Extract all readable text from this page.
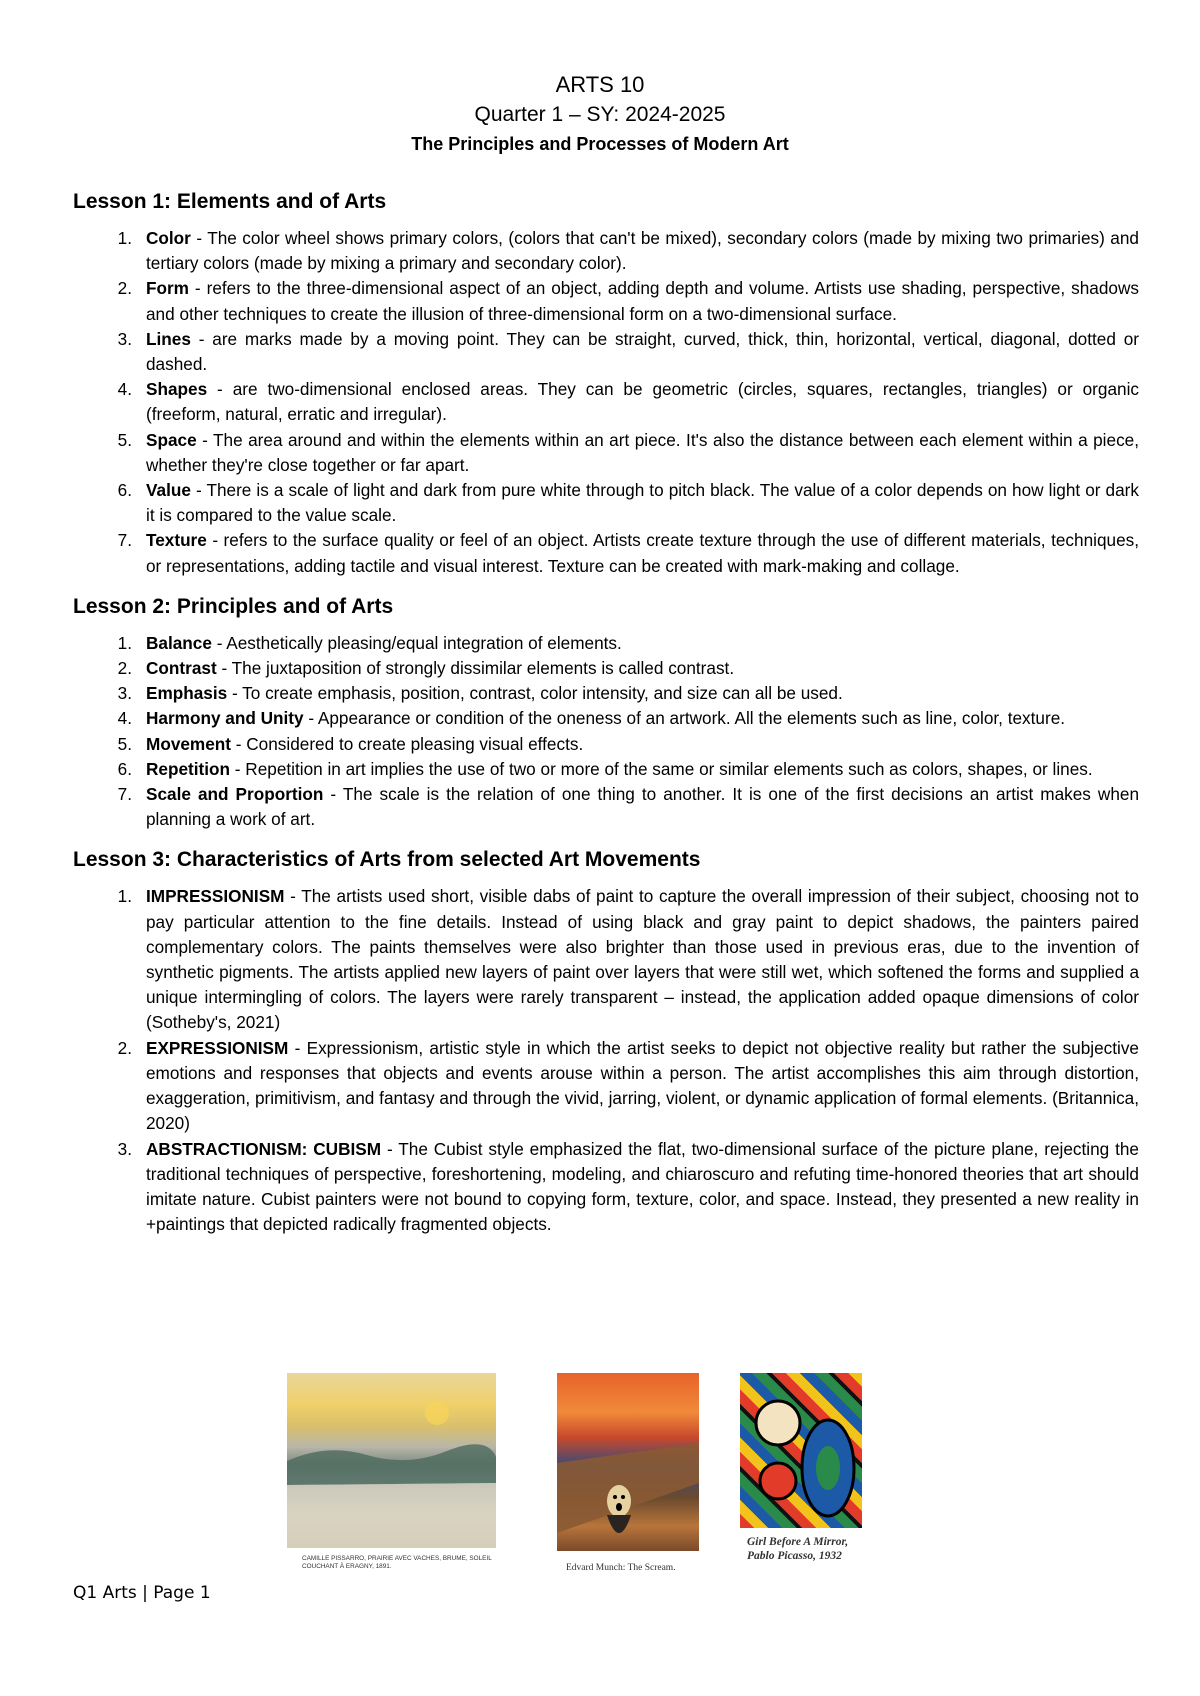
ARTS 10
Quarter 1 – SY: 2024-2025
The Principles and Processes of Modern Art
Lesson 1: Elements and of Arts
1. Color - The color wheel shows primary colors, (colors that can't be mixed), secondary colors (made by mixing two primaries) and tertiary colors (made by mixing a primary and secondary color).
2. Form - refers to the three-dimensional aspect of an object, adding depth and volume. Artists use shading, perspective, shadows and other techniques to create the illusion of three-dimensional form on a two-dimensional surface.
3. Lines - are marks made by a moving point. They can be straight, curved, thick, thin, horizontal, vertical, diagonal, dotted or dashed.
4. Shapes - are two-dimensional enclosed areas. They can be geometric (circles, squares, rectangles, triangles) or organic (freeform, natural, erratic and irregular).
5. Space - The area around and within the elements within an art piece. It's also the distance between each element within a piece, whether they're close together or far apart.
6. Value - There is a scale of light and dark from pure white through to pitch black. The value of a color depends on how light or dark it is compared to the value scale.
7. Texture - refers to the surface quality or feel of an object. Artists create texture through the use of different materials, techniques, or representations, adding tactile and visual interest. Texture can be created with mark-making and collage.
Lesson 2: Principles and of Arts
1. Balance - Aesthetically pleasing/equal integration of elements.
2. Contrast - The juxtaposition of strongly dissimilar elements is called contrast.
3. Emphasis - To create emphasis, position, contrast, color intensity, and size can all be used.
4. Harmony and Unity - Appearance or condition of the oneness of an artwork. All the elements such as line, color, texture.
5. Movement - Considered to create pleasing visual effects.
6. Repetition - Repetition in art implies the use of two or more of the same or similar elements such as colors, shapes, or lines.
7. Scale and Proportion - The scale is the relation of one thing to another. It is one of the first decisions an artist makes when planning a work of art.
Lesson 3: Characteristics of Arts from selected Art Movements
1. IMPRESSIONISM - The artists used short, visible dabs of paint to capture the overall impression of their subject, choosing not to pay particular attention to the fine details. Instead of using black and gray paint to depict shadows, the painters paired complementary colors. The paints themselves were also brighter than those used in previous eras, due to the invention of synthetic pigments. The artists applied new layers of paint over layers that were still wet, which softened the forms and supplied a unique intermingling of colors. The layers were rarely transparent – instead, the application added opaque dimensions of color (Sotheby's, 2021)
2. EXPRESSIONISM - Expressionism, artistic style in which the artist seeks to depict not objective reality but rather the subjective emotions and responses that objects and events arouse within a person. The artist accomplishes this aim through distortion, exaggeration, primitivism, and fantasy and through the vivid, jarring, violent, or dynamic application of formal elements. (Britannica, 2020)
3. ABSTRACTIONISM: CUBISM - The Cubist style emphasized the flat, two-dimensional surface of the picture plane, rejecting the traditional techniques of perspective, foreshortening, modeling, and chiaroscuro and refuting time-honored theories that art should imitate nature. Cubist painters were not bound to copying form, texture, color, and space. Instead, they presented a new reality in +paintings that depicted radically fragmented objects.
CAMILLE PISSARRO, PRAIRIE AVEC VACHES, BRUME, SOLEIL COUCHANT À ERAGNY, 1891.	Edvard Munch: The Scream.
Girl Before A Mirror,
Pablo Picasso, 1932
Q1 Arts | Page 1
